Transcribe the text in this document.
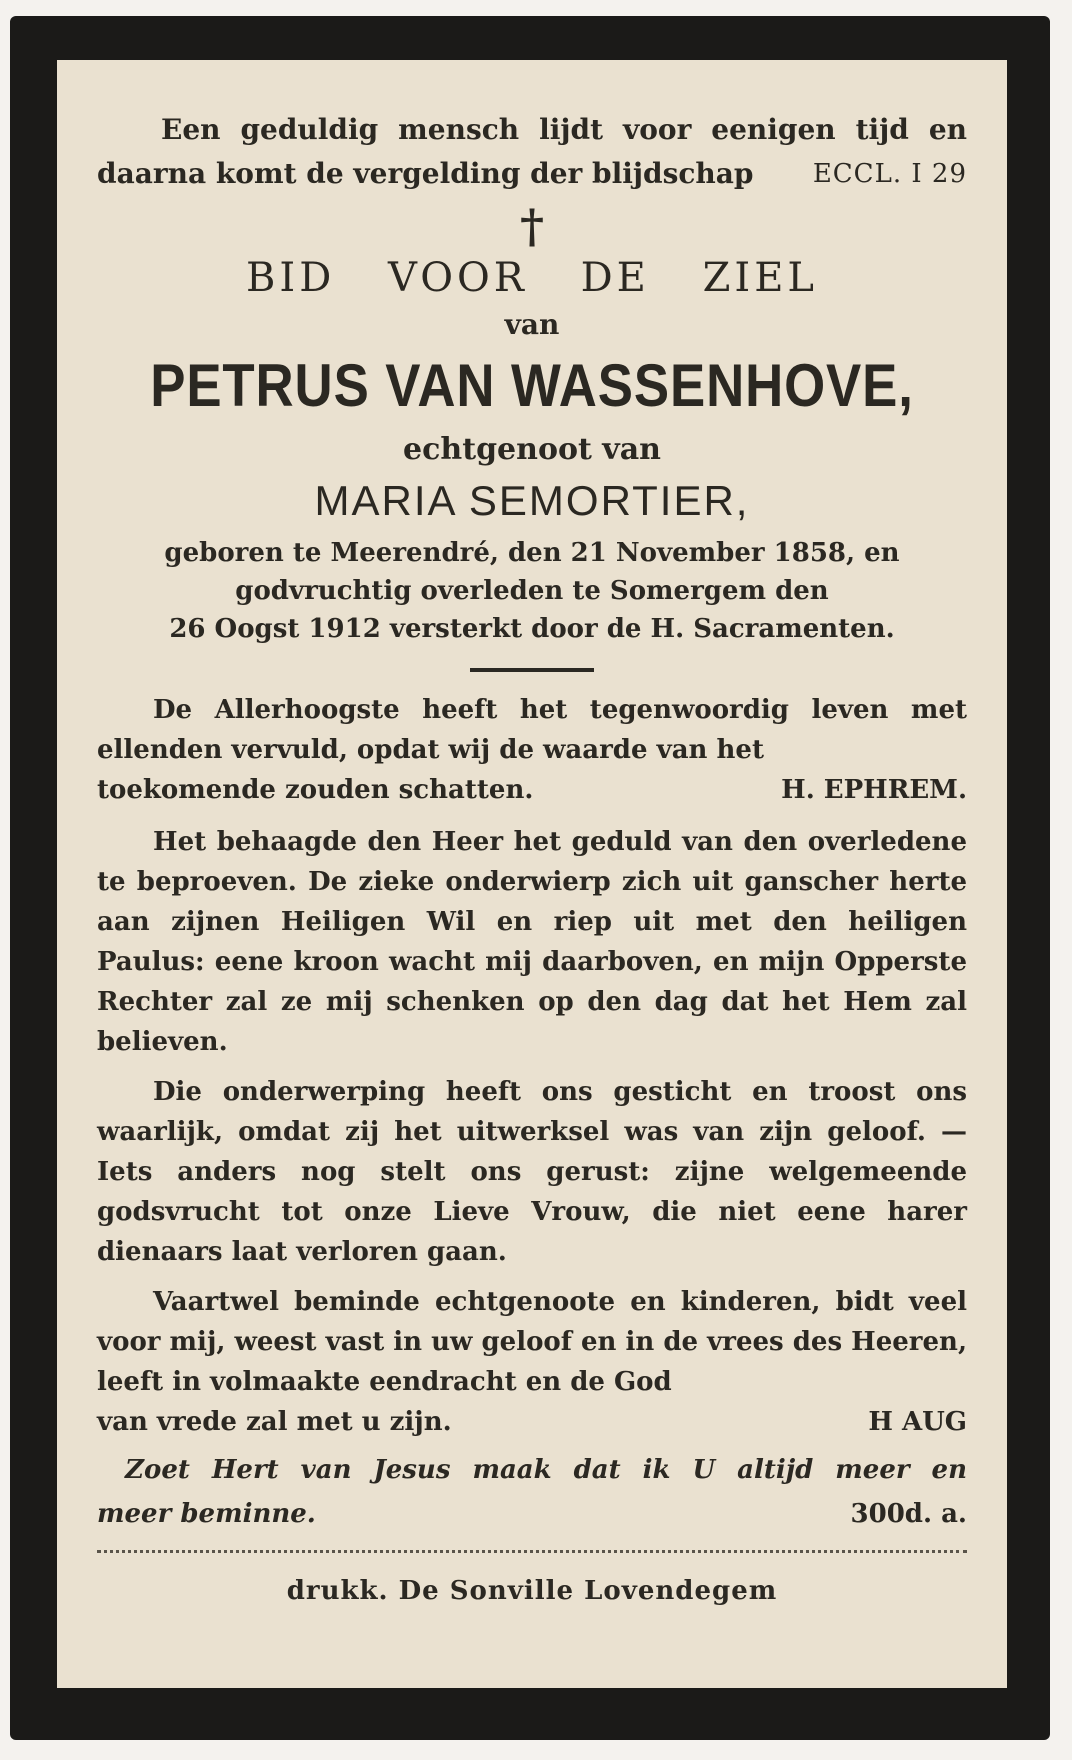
Een geduldig mensch lijdt voor eenigen tijd en
daarna komt de vergelding der blijdschap ECCL. I 29
†
BID VOOR DE ZIEL
van
PETRUS VAN WASSENHOVE,
echtgenoot van
MARIA SEMORTIER,
geboren te Meerendré, den 21 November 1858, en
godvruchtig overleden te Somergem den
26 Oogst 1912 versterkt door de H. Sacramenten.
De Allerhoogste heeft het tegenwoordig leven met ellenden vervuld, opdat wij de waarde van het
toekomende zouden schatten.	H. EPHREM.
Het behaagde den Heer het geduld van den overledene te beproeven. De zieke onderwierp zich uit ganscher herte aan zijnen Heiligen Wil en riep uit met den heiligen Paulus: eene kroon wacht mij daarboven, en mijn Opperste Rechter zal ze mij schenken op den dag dat het Hem zal believen.
Die onderwerping heeft ons gesticht en troost ons waarlijk, omdat zij het uitwerksel was van zijn geloof. — Iets anders nog stelt ons gerust: zijne welgemeende godsvrucht tot onze Lieve Vrouw, die niet eene harer dienaars laat verloren gaan.
Vaartwel beminde echtgenoote en kinderen, bidt veel voor mij, weest vast in uw geloof en in de vrees des Heeren, leeft in volmaakte eendracht en de God
van vrede zal met u zijn.	H AUG
Zoet Hert van Jesus maak dat ik U altijd meer en
meer beminne.	300d. a.
drukk. De Sonville Lovendegem
